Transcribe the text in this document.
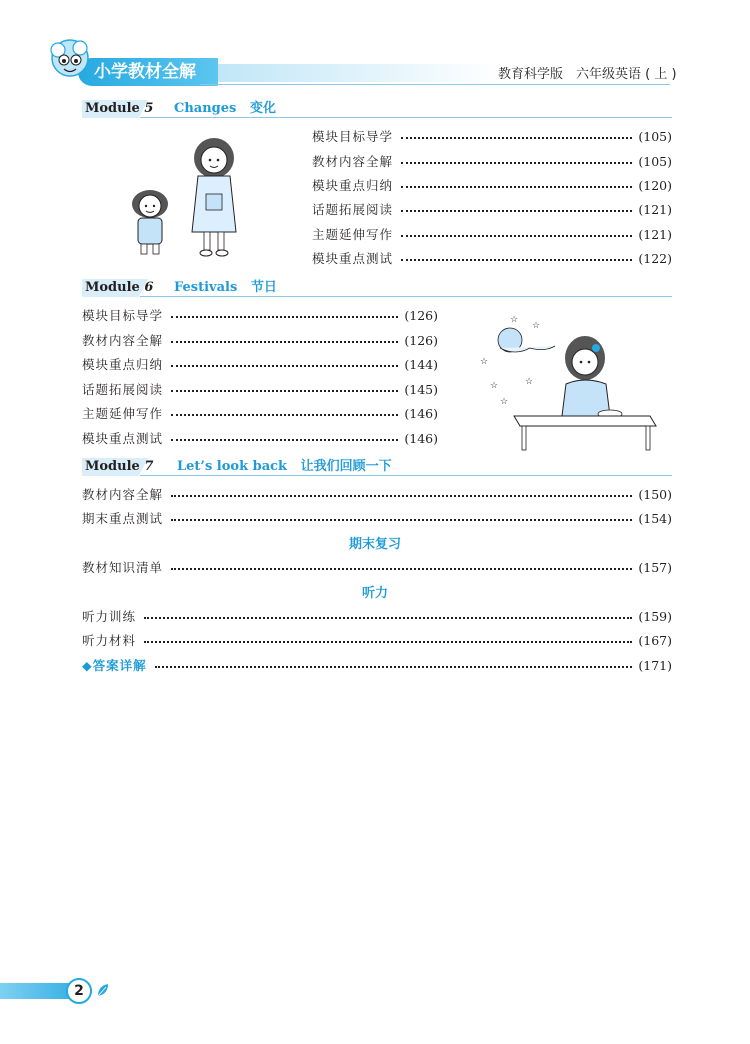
小学教材全解	教育科学版　六年级英语 ( 上 )
Module 5 Changes 变化
模块目标导学	(105)
教材内容全解	(105)
模块重点归纳	(120)
话题拓展阅读	(121)
主题延伸写作	(121)
模块重点测试	(122)
Module 6 Festivals 节日
模块目标导学	(126)
教材内容全解	(126)
模块重点归纳	(144)
话题拓展阅读	(145)
主题延伸写作	(146)
模块重点测试	(146)
☆
☆
☆
☆
☆
☆
Module 7 Let’s look back 让我们回顾一下
教材内容全解	(150)
期末重点测试	(154)
期末复习
教材知识清单	(157)
听力
听力训练	(159)
听力材料	(167)
◆答案详解	(171)
2
